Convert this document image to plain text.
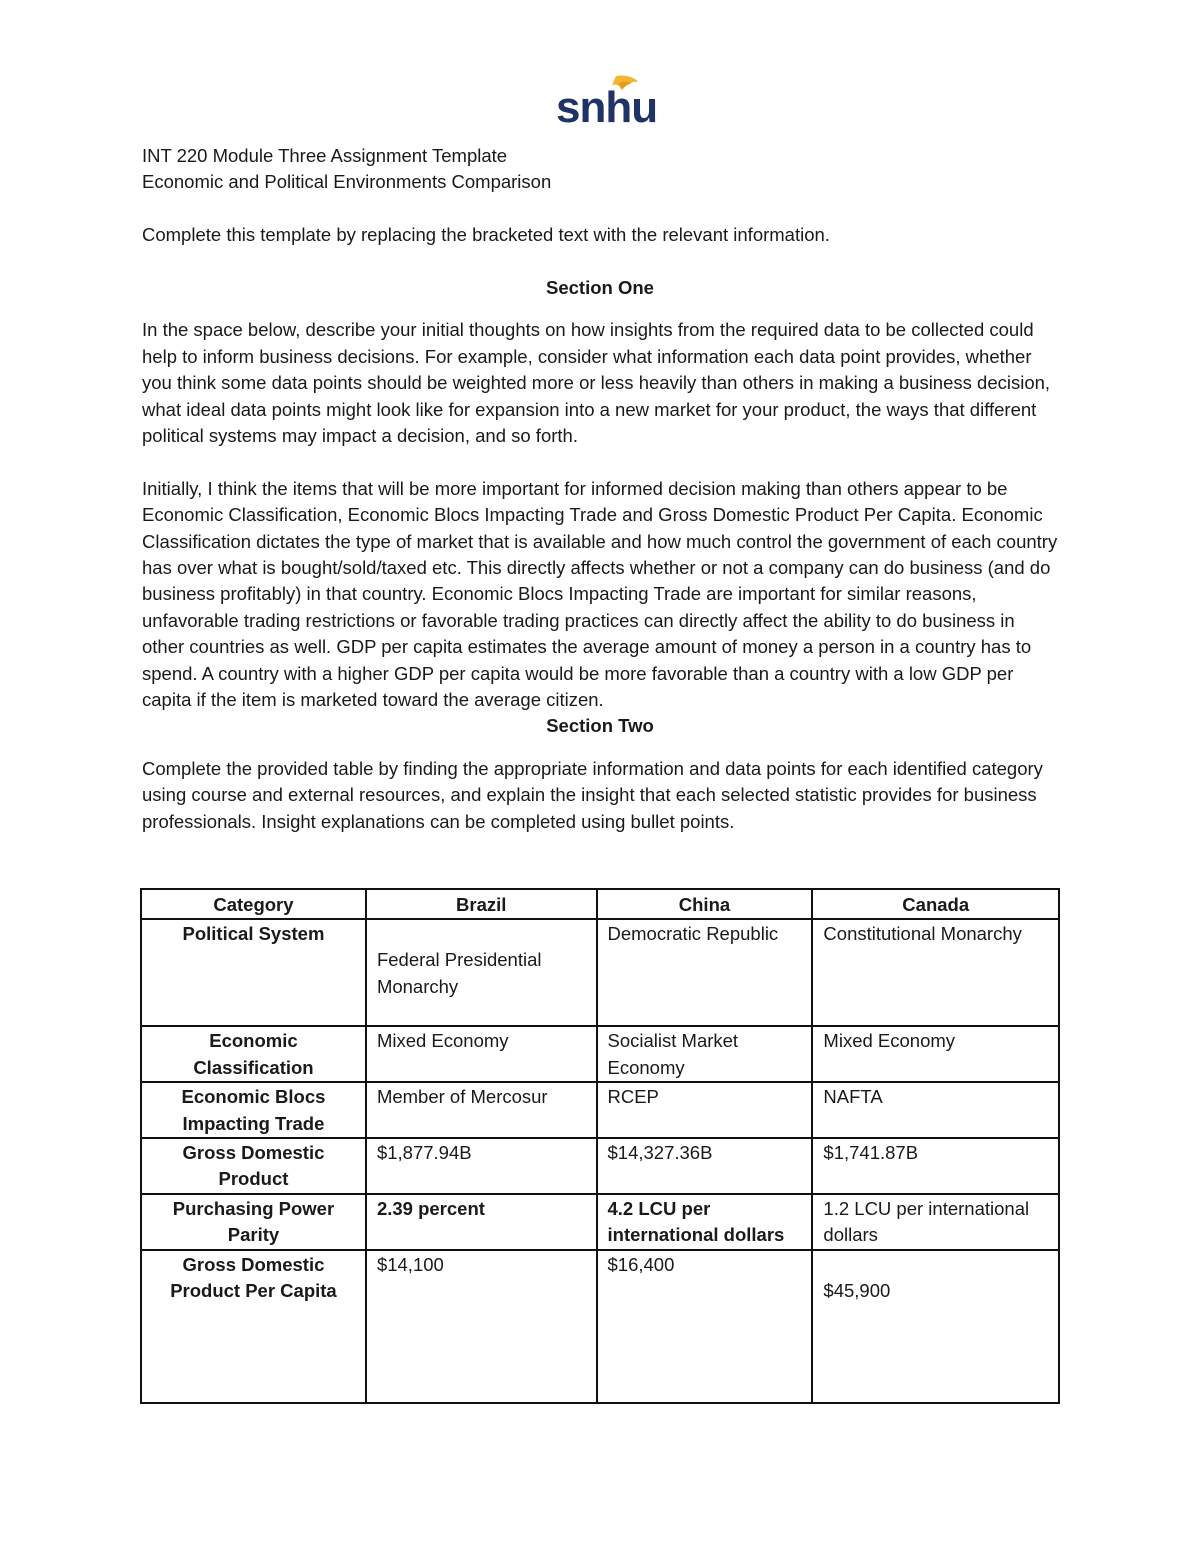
snhu

INT 220 Module Three Assignment Template

Economic and Political Environments Comparison

Complete this template by replacing the bracketed text with the relevant information.

Section One

In the space below, describe your initial thoughts on how insights from the required data to be collected could help to inform business decisions. For example, consider what information each data point provides, whether you think some data points should be weighted more or less heavily than others in making a business decision, what ideal data points might look like for expansion into a new market for your product, the ways that different political systems may impact a decision, and so forth.

Initially, I think the items that will be more important for informed decision making than others appear to be Economic Classification, Economic Blocs Impacting Trade and Gross Domestic Product Per Capita. Economic Classification dictates the type of market that is available and how much control the government of each country has over what is bought/sold/taxed etc. This directly affects whether or not a company can do business (and do business profitably) in that country. Economic Blocs Impacting Trade are important for similar reasons, unfavorable trading restrictions or favorable trading practices can directly affect the ability to do business in other countries as well. GDP per capita estimates the average amount of money a person in a country has to spend. A country with a higher GDP per capita would be more favorable than a country with a low GDP per capita if the item is marketed toward the average citizen.

Section Two

Complete the provided table by finding the appropriate information and data points for each identified category using course and external resources, and explain the insight that each selected statistic provides for business professionals. Insight explanations can be completed using bullet points.

Category	Brazil	China	Canada
Political System	Federal Presidential Monarchy	Democratic Republic	Constitutional Monarchy
Economic Classification	Mixed Economy	Socialist Market Economy	Mixed Economy
Economic Blocs Impacting Trade	Member of Mercosur	RCEP	NAFTA
Gross Domestic Product	$1,877.94B	$14,327.36B	$1,741.87B
Purchasing Power Parity	2.39 percent	4.2 LCU per international dollars	1.2 LCU per international dollars
Gross Domestic Product Per Capita	$14,100	$16,400	$45,900
